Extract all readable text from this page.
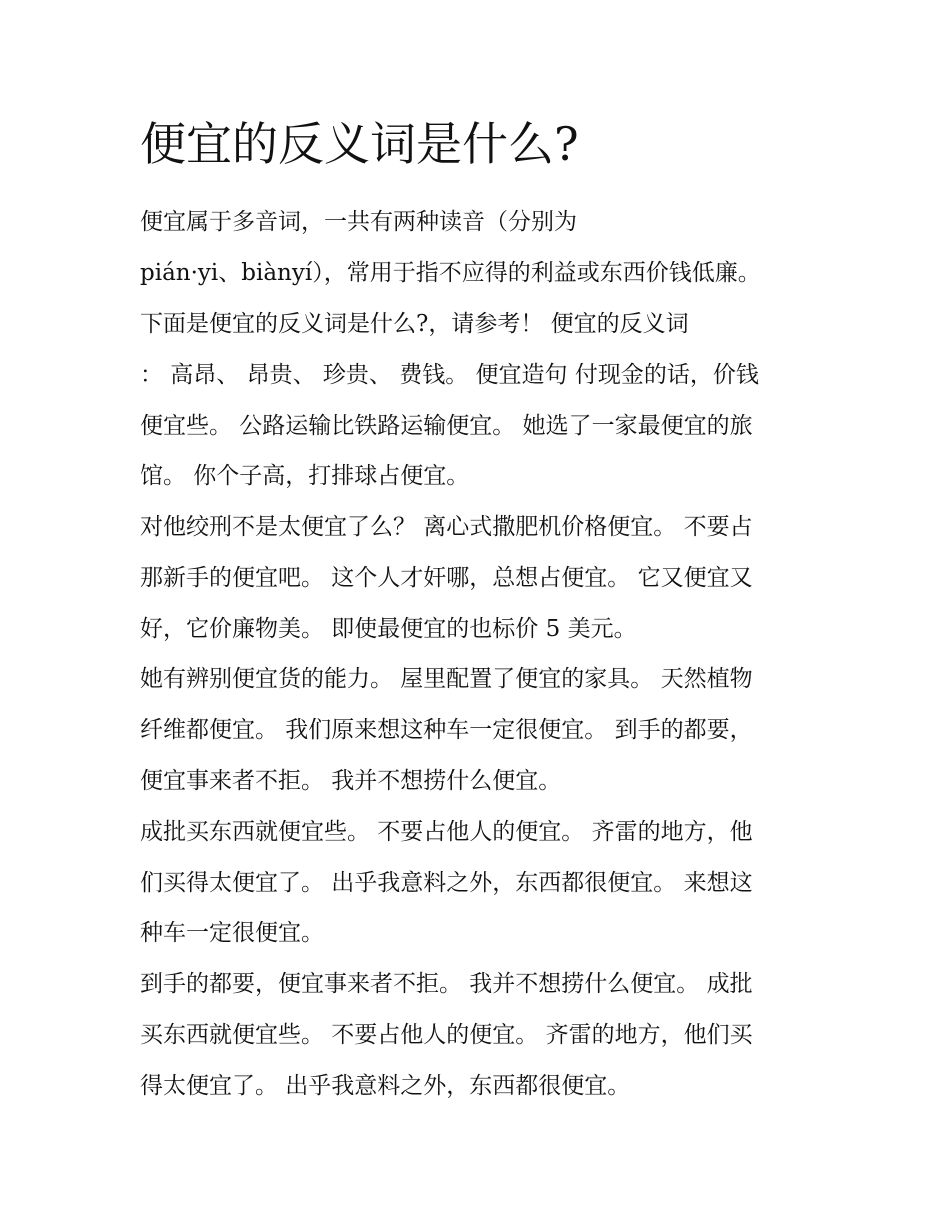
便宜的反义词是什么?

便宜属于多音词，一共有两种读音（分别为

pián·yi、biànyí），常用于指不应得的利益或东西价钱低廉。

下面是便宜的反义词是什么?，请参考！ 便宜的反义词

： 高昂、 昂贵、 珍贵、 费钱。 便宜造句 付现金的话，价钱

便宜些。 公路运输比铁路运输便宜。 她选了一家最便宜的旅

馆。 你个子高，打排球占便宜。

对他绞刑不是太便宜了么？ 离心式撒肥机价格便宜。 不要占

那新手的便宜吧。 这个人才奸哪，总想占便宜。 它又便宜又

好，它价廉物美。 即使最便宜的也标价 5 美元。

她有辨别便宜货的能力。 屋里配置了便宜的家具。 天然植物

纤维都便宜。 我们原来想这种车一定很便宜。 到手的都要，

便宜事来者不拒。 我并不想捞什么便宜。

成批买东西就便宜些。 不要占他人的便宜。 齐雷的地方，他

们买得太便宜了。 出乎我意料之外，东西都很便宜。 来想这

种车一定很便宜。

到手的都要，便宜事来者不拒。 我并不想捞什么便宜。 成批

买东西就便宜些。 不要占他人的便宜。 齐雷的地方，他们买

得太便宜了。 出乎我意料之外，东西都很便宜。
